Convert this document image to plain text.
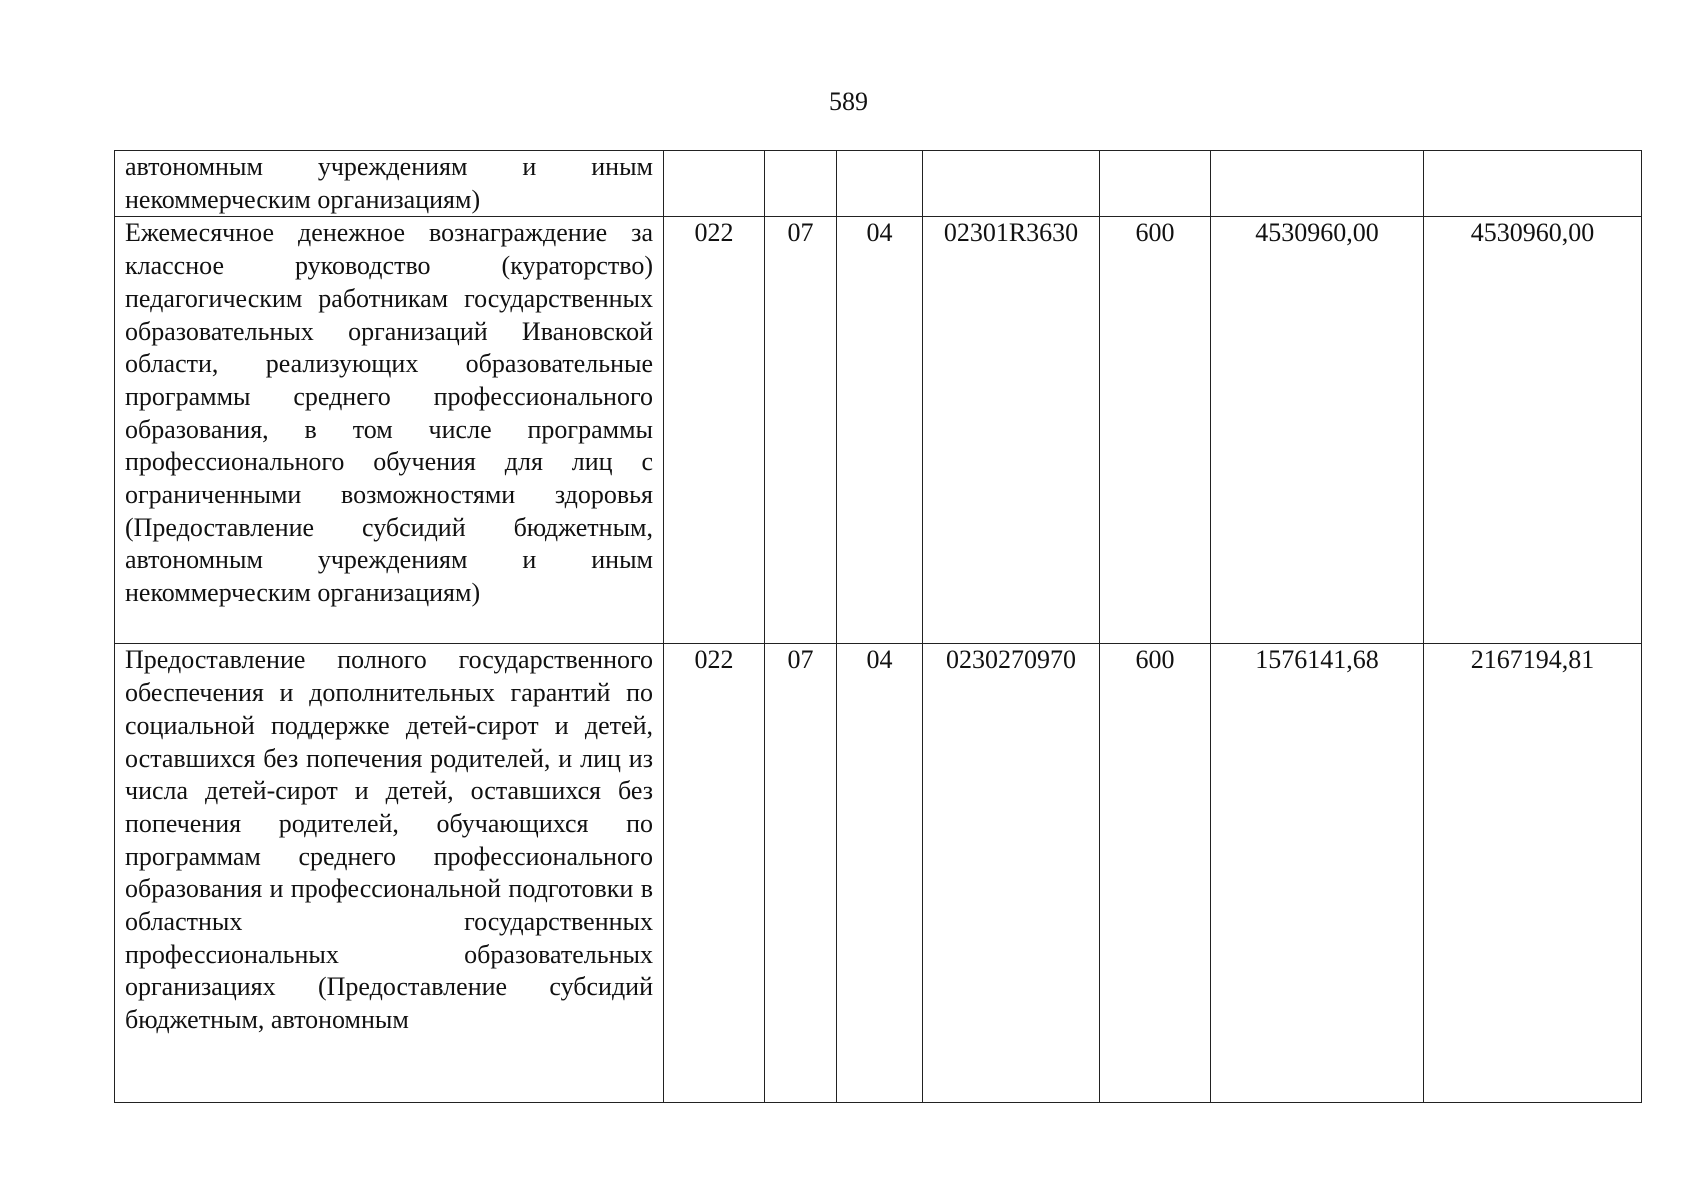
589
автономным учреждениям и иным некоммерческим организациям)							
Ежемесячное денежное вознаграждение за классное руководство (кураторство) педагогическим работникам государственных образовательных организаций Ивановской области, реализующих образовательные программы среднего профессионального образования, в том числе программы профессионального обучения для лиц с ограниченными возможностями здоровья (Предоставление субсидий бюджетным, автономным учреждениям и иным некоммерческим организациям)	022	07	04	02301R3630	600	4530960,00	4530960,00
Предоставление полного государственного обеспечения и дополнительных гарантий по социальной поддержке детей-сирот и детей, оставшихся без попечения родителей, и лиц из числа детей-сирот и детей, оставшихся без попечения родителей, обучающихся по программам среднего профессионального образования и профессиональной подготовки в областных государственных профессиональных образовательных организациях (Предоставление субсидий бюджетным, автономным	022	07	04	0230270970	600	1576141,68	2167194,81
